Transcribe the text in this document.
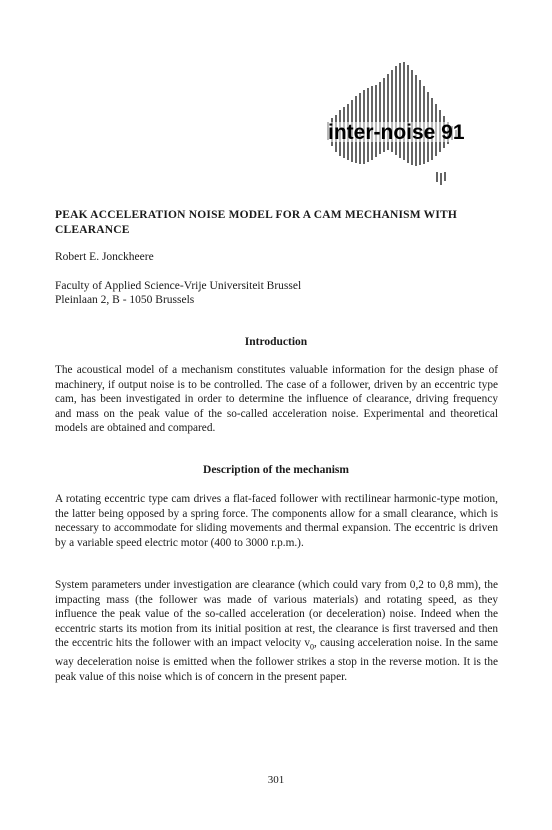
inter-noise 91
PEAK ACCELERATION NOISE MODEL FOR A CAM MECHANISM WITH CLEARANCE

Robert E. Jonckheere

Faculty of Applied Science-Vrije Universiteit Brussel
Pleinlaan 2, B - 1050 Brussels
Introduction

The acoustical model of a mechanism constitutes valuable information for the design phase of machinery, if output noise is to be controlled. The case of a follower, driven by an eccentric type cam, has been investigated in order to determine the influence of clearance, driving frequency and mass on the peak value of the so-called acceleration noise. Experimental and theoretical models are obtained and compared.

Description of the mechanism

A rotating eccentric type cam drives a flat-faced follower with rectilinear harmonic-type motion, the latter being opposed by a spring force. The components allow for a small clearance, which is necessary to accommodate for sliding movements and thermal expansion. The eccentric is driven by a variable speed electric motor (400 to 3000 r.p.m.).

System parameters under investigation are clearance (which could vary from 0,2 to 0,8 mm), the impacting mass (the follower was made of various materials) and rotating speed, as they influence the peak value of the so-called acceleration (or deceleration) noise. Indeed when the eccentric starts its motion from its initial position at rest, the clearance is first traversed and then the eccentric hits the follower with an impact velocity $v_0$, causing acceleration noise. In the same way deceleration noise is emitted when the follower strikes a stop in the reverse motion. It is the peak value of this noise which is of concern in the present paper.

301
